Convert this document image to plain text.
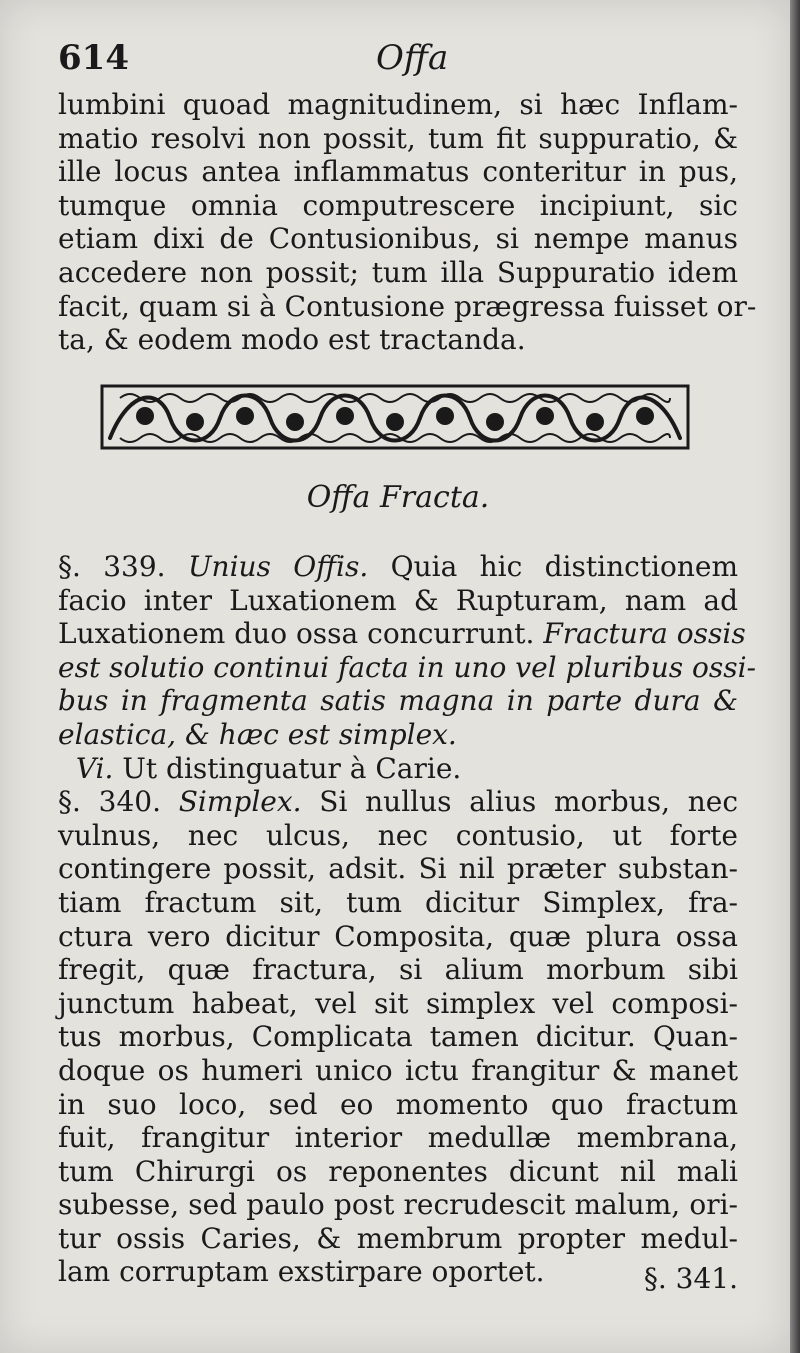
614	Offa
lumbini quoad magnitudinem, si hæc Inflam-
matio resolvi non possit, tum fit suppuratio, &
ille locus antea inflammatus conteritur in pus,
tumque omnia computrescere incipiunt, sic
etiam dixi de Contusionibus, si nempe manus
accedere non possit; tum illa Suppuratio idem
facit, quam si à Contusione prægressa fuisset or-
ta, & eodem modo est tractanda.
Offa Fracta.
§. 339. Unius Offis. Quia hic distinctionem
facio inter Luxationem & Rupturam, nam ad
Luxationem duo ossa concurrunt. Fractura ossis
est solutio continui facta in uno vel pluribus ossi-
bus in fragmenta satis magna in parte dura &
elastica, & hæc est simplex.
Vi. Ut distinguatur à Carie.
§. 340. Simplex. Si nullus alius morbus, nec
vulnus, nec ulcus, nec contusio, ut forte
contingere possit, adsit. Si nil præter substan-
tiam fractum sit, tum dicitur Simplex, fra-
ctura vero dicitur Composita, quæ plura ossa
fregit, quæ fractura, si alium morbum sibi
junctum habeat, vel sit simplex vel composi-
tus morbus, Complicata tamen dicitur. Quan-
doque os humeri unico ictu frangitur & manet
in suo loco, sed eo momento quo fractum
fuit, frangitur interior medullæ membrana,
tum Chirurgi os reponentes dicunt nil mali
subesse, sed paulo post recrudescit malum, ori-
tur ossis Caries, & membrum propter medul-
lam corruptam exstirpare oportet.	§. 341.
